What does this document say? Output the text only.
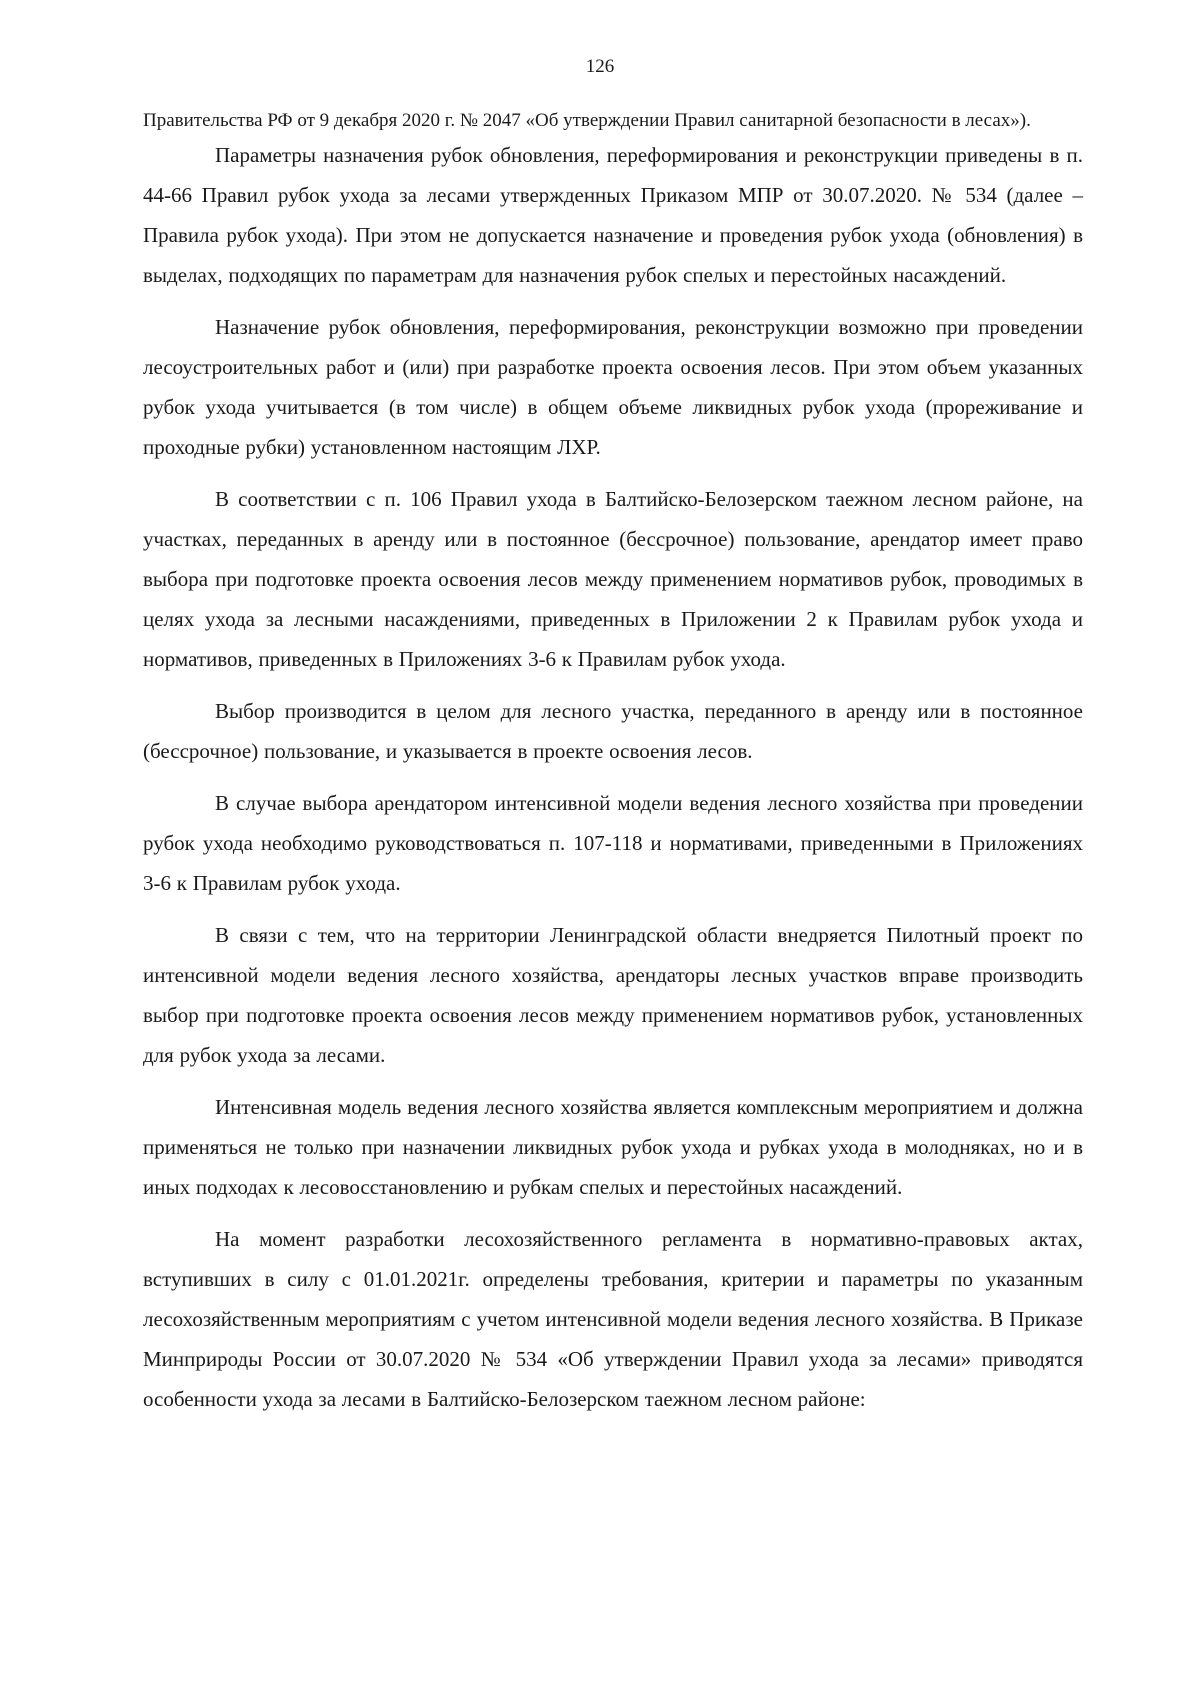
126

Правительства РФ от 9 декабря 2020 г. № 2047 «Об утверждении Правил санитарной безопасности в лесах»).

Параметры назначения рубок обновления, переформирования и реконструкции приведены в п. 44-66 Правил рубок ухода за лесами утвержденных Приказом МПР от 30.07.2020. № 534 (далее – Правила рубок ухода). При этом не допускается назначение и проведения рубок ухода (обновления) в выделах, подходящих по параметрам для назначения рубок спелых и перестойных насаждений.

Назначение рубок обновления, переформирования, реконструкции возможно при проведении лесоустроительных работ и (или) при разработке проекта освоения лесов. При этом объем указанных рубок ухода учитывается (в том числе) в общем объеме ликвидных рубок ухода (прореживание и проходные рубки) установленном настоящим ЛХР.

В соответствии с п. 106 Правил ухода в Балтийско-Белозерском таежном лесном районе, на участках, переданных в аренду или в постоянное (бессрочное) пользование, арендатор имеет право выбора при подготовке проекта освоения лесов между применением нормативов рубок, проводимых в целях ухода за лесными насаждениями, приведенных в Приложении 2 к Правилам рубок ухода и нормативов, приведенных в Приложениях 3-6 к Правилам рубок ухода.

Выбор производится в целом для лесного участка, переданного в аренду или в постоянное (бессрочное) пользование, и указывается в проекте освоения лесов.

В случае выбора арендатором интенсивной модели ведения лесного хозяйства при проведении рубок ухода необходимо руководствоваться п. 107-118 и нормативами, приведенными в Приложениях 3-6 к Правилам рубок ухода.

В связи с тем, что на территории Ленинградской области внедряется Пилотный проект по интенсивной модели ведения лесного хозяйства, арендаторы лесных участков вправе производить выбор при подготовке проекта освоения лесов между применением нормативов рубок, установленных для рубок ухода за лесами.

Интенсивная модель ведения лесного хозяйства является комплексным мероприятием и должна применяться не только при назначении ликвидных рубок ухода и рубках ухода в молодняках, но и в иных подходах к лесовосстановлению и рубкам спелых и перестойных насаждений.

На момент разработки лесохозяйственного регламента в нормативно-правовых актах, вступивших в силу с 01.01.2021г. определены требования, критерии и параметры по указанным лесохозяйственным мероприятиям с учетом интенсивной модели ведения лесного хозяйства. В Приказе Минприроды России от 30.07.2020 № 534 «Об утверждении Правил ухода за лесами» приводятся особенности ухода за лесами в Балтийско-Белозерском таежном лесном районе:
